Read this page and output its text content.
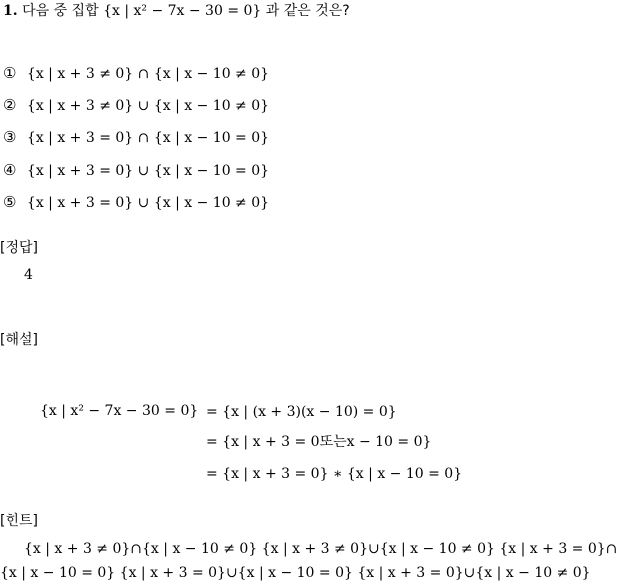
1. 다음 중 집합 {x | x² − 7x − 30 = 0} 과 같은 것은?
① {x | x + 3 ≠ 0} ∩ {x | x − 10 ≠ 0}
② {x | x + 3 ≠ 0} ∪ {x | x − 10 ≠ 0}
③ {x | x + 3 = 0} ∩ {x | x − 10 = 0}
④ {x | x + 3 = 0} ∪ {x | x − 10 = 0}
⑤ {x | x + 3 = 0} ∪ {x | x − 10 ≠ 0}
[정답]
4
[해설]
{x | x² − 7x − 30 = 0} = {x | (x + 3)(x − 10) = 0}
= {x | x + 3 = 0또는x − 10 = 0}
= {x | x + 3 = 0} ∗ {x | x − 10 = 0}
[힌트]
{x | x + 3 ≠ 0}∩{x | x − 10 ≠ 0} {x | x + 3 ≠ 0}∪{x | x − 10 ≠ 0} {x | x + 3 = 0}∩
{x | x − 10 = 0} {x | x + 3 = 0}∪{x | x − 10 = 0} {x | x + 3 = 0}∪{x | x − 10 ≠ 0}
